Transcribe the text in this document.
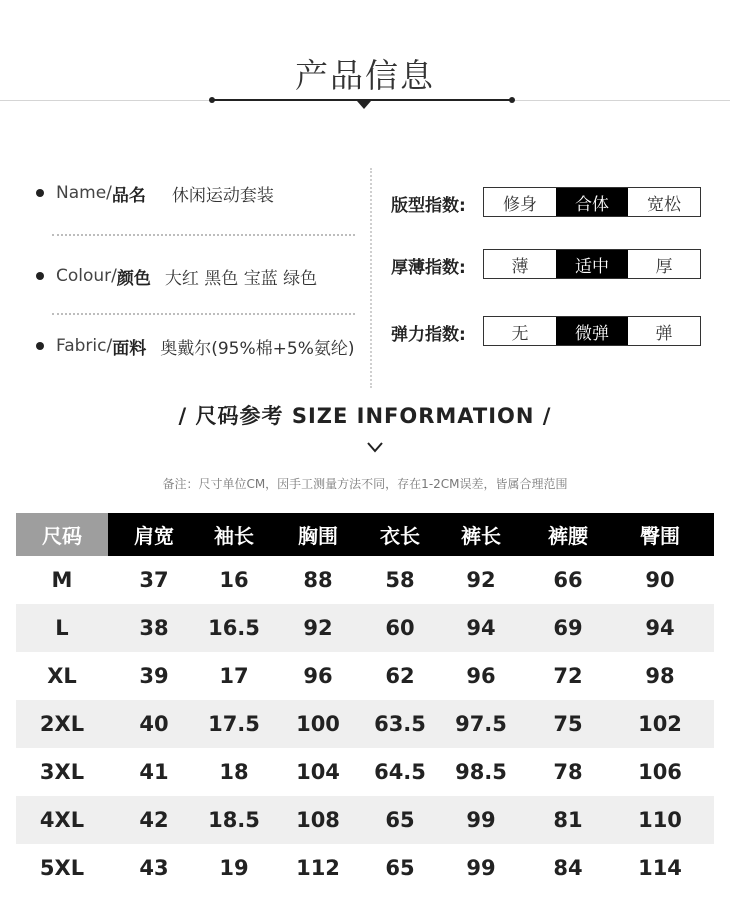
产品信息
Name/ 品名 休闲运动套装
Colour/ 颜色 大红 黑色 宝蓝 绿色
Fabric/ 面料 奥戴尔(95%棉+5%氨纶)
版型指数:	修身	合体	宽松
厚薄指数:	薄	适中	厚
弹力指数:	无	微弹	弹
/ 尺码参考 SIZE INFORMATION /
备注：尺寸单位CM，因手工测量方法不同，存在1-2CM误差，皆属合理范围
尺码	肩宽	袖长	胸围	衣长	裤长	裤腰	臀围
M	37	16	88	58	92	66	90
L	38	16.5	92	60	94	69	94
XL	39	17	96	62	96	72	98
2XL	40	17.5	100	63.5	97.5	75	102
3XL	41	18	104	64.5	98.5	78	106
4XL	42	18.5	108	65	99	81	110
5XL	43	19	112	65	99	84	114
